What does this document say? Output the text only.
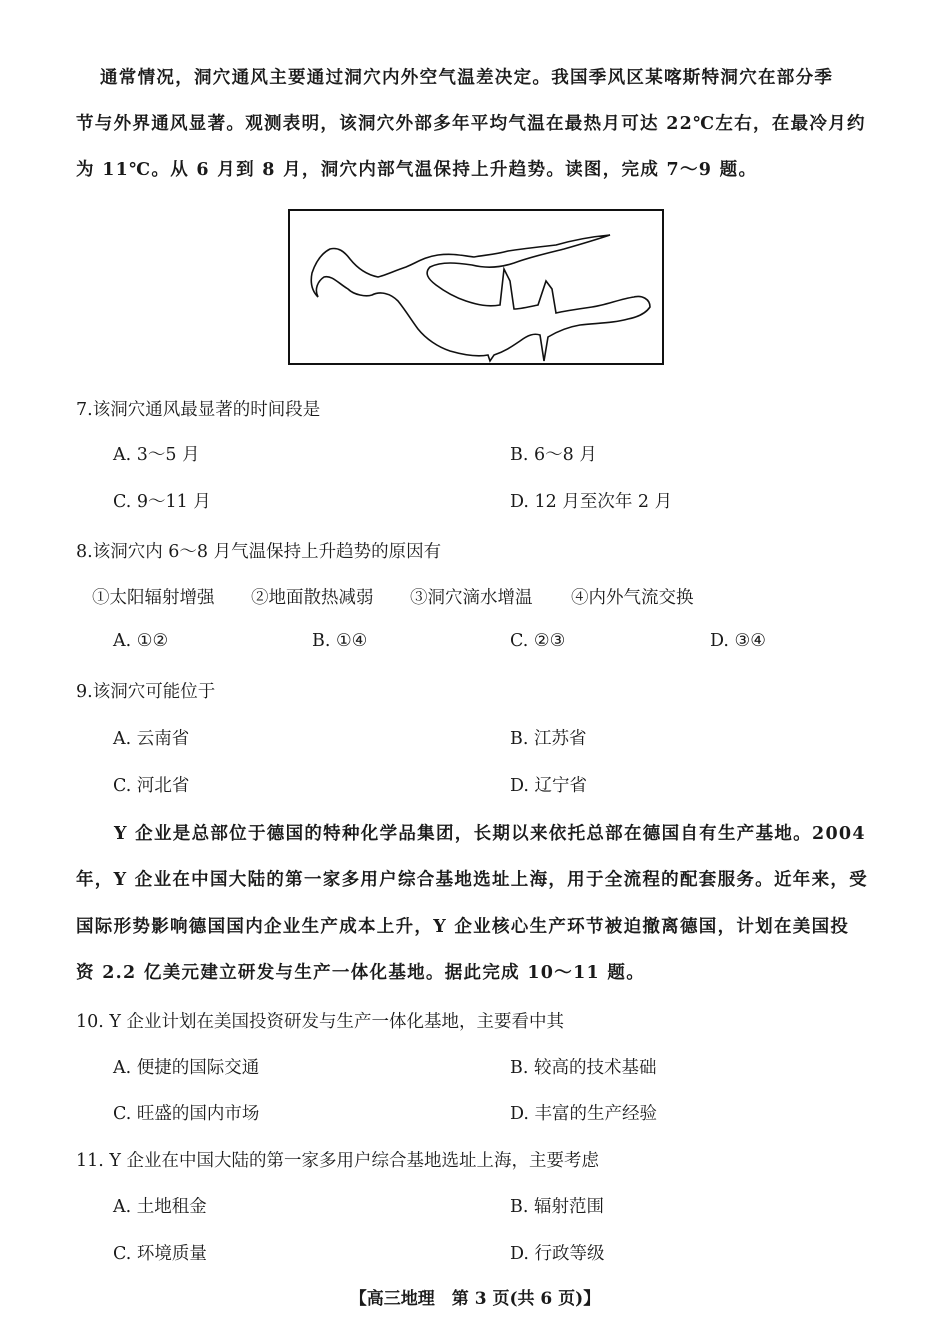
通常情况，洞穴通风主要通过洞穴内外空气温差决定。我国季风区某喀斯特洞穴在部分季
节与外界通风显著。观测表明，该洞穴外部多年平均气温在最热月可达 22℃左右，在最冷月约
为 11℃。从 6 月到 8 月，洞穴内部气温保持上升趋势。读图，完成 7～9 题。
7.该洞穴通风最显著的时间段是
A. 3～5 月	B. 6～8 月
C. 9～11 月	D. 12 月至次年 2 月
8.该洞穴内 6～8 月气温保持上升趋势的原因有
①太阳辐射增强 ②地面散热减弱 ③洞穴滴水增温 ④内外气流交换
A. ①②	B. ①④	C. ②③	D. ③④
9.该洞穴可能位于
A. 云南省	B. 江苏省
C. 河北省	D. 辽宁省
Y 企业是总部位于德国的特种化学品集团，长期以来依托总部在德国自有生产基地。2004
年，Y 企业在中国大陆的第一家多用户综合基地选址上海，用于全流程的配套服务。近年来，受
国际形势影响德国国内企业生产成本上升，Y 企业核心生产环节被迫撤离德国，计划在美国投
资 2.2 亿美元建立研发与生产一体化基地。据此完成 10～11 题。
10. Y 企业计划在美国投资研发与生产一体化基地，主要看中其
A. 便捷的国际交通	B. 较高的技术基础
C. 旺盛的国内市场	D. 丰富的生产经验
11. Y 企业在中国大陆的第一家多用户综合基地选址上海，主要考虑
A. 土地租金	B. 辐射范围
C. 环境质量	D. 行政等级
【高三地理　第 3 页(共 6 页)】
